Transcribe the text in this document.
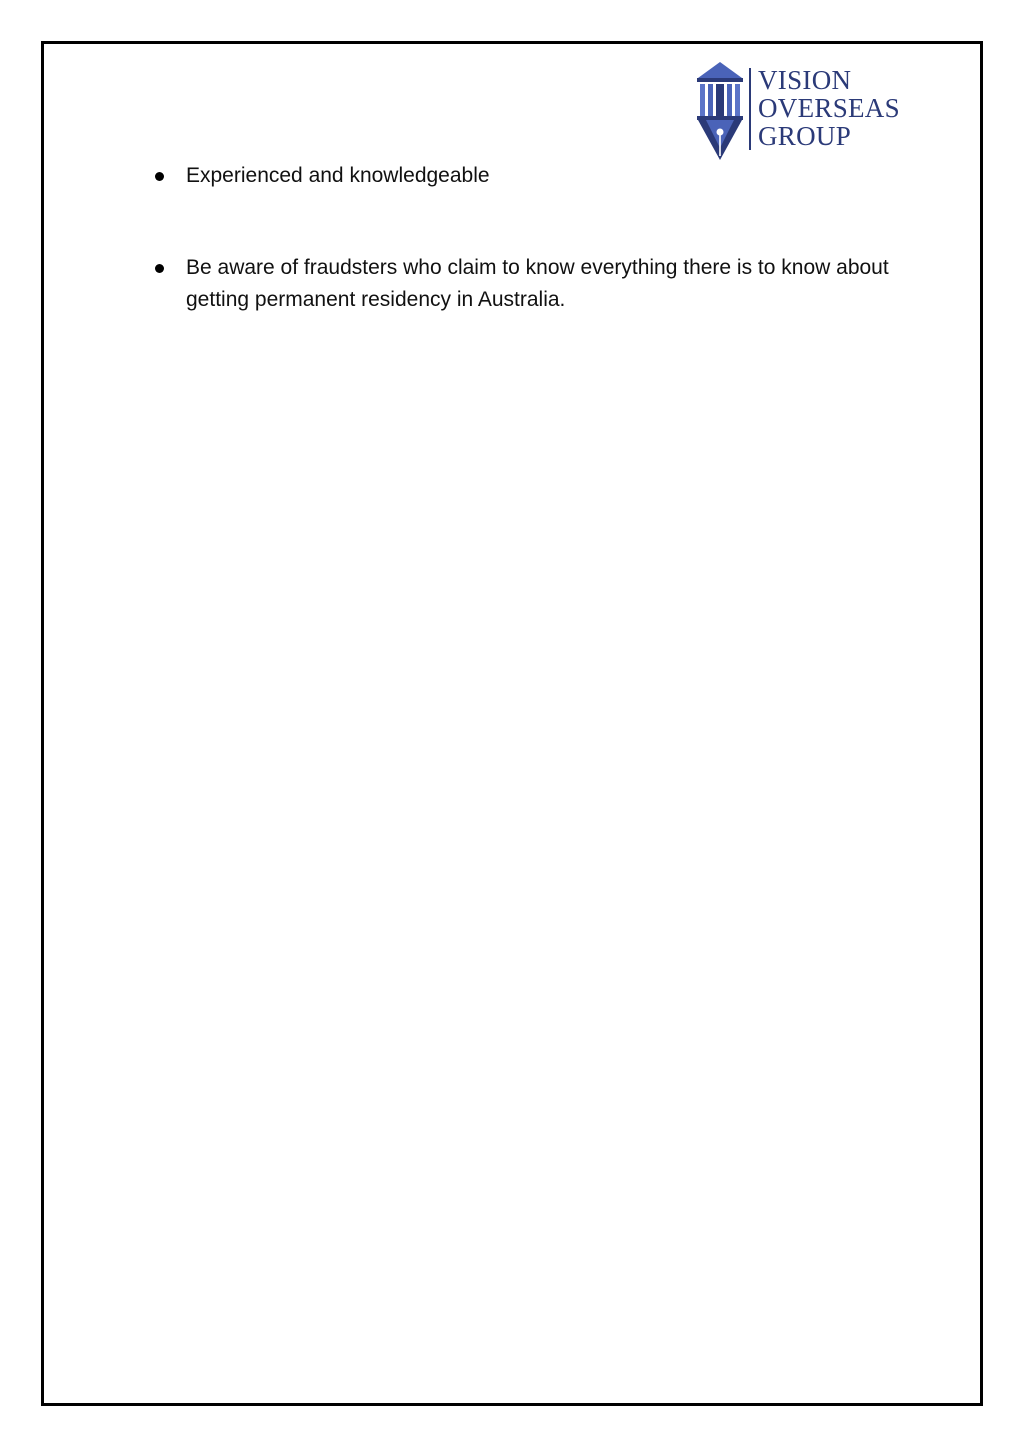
VISION
OVERSEAS
GROUP
Experienced and knowledgeable
Be aware of fraudsters who claim to know everything there is to know about getting permanent residency in Australia.
